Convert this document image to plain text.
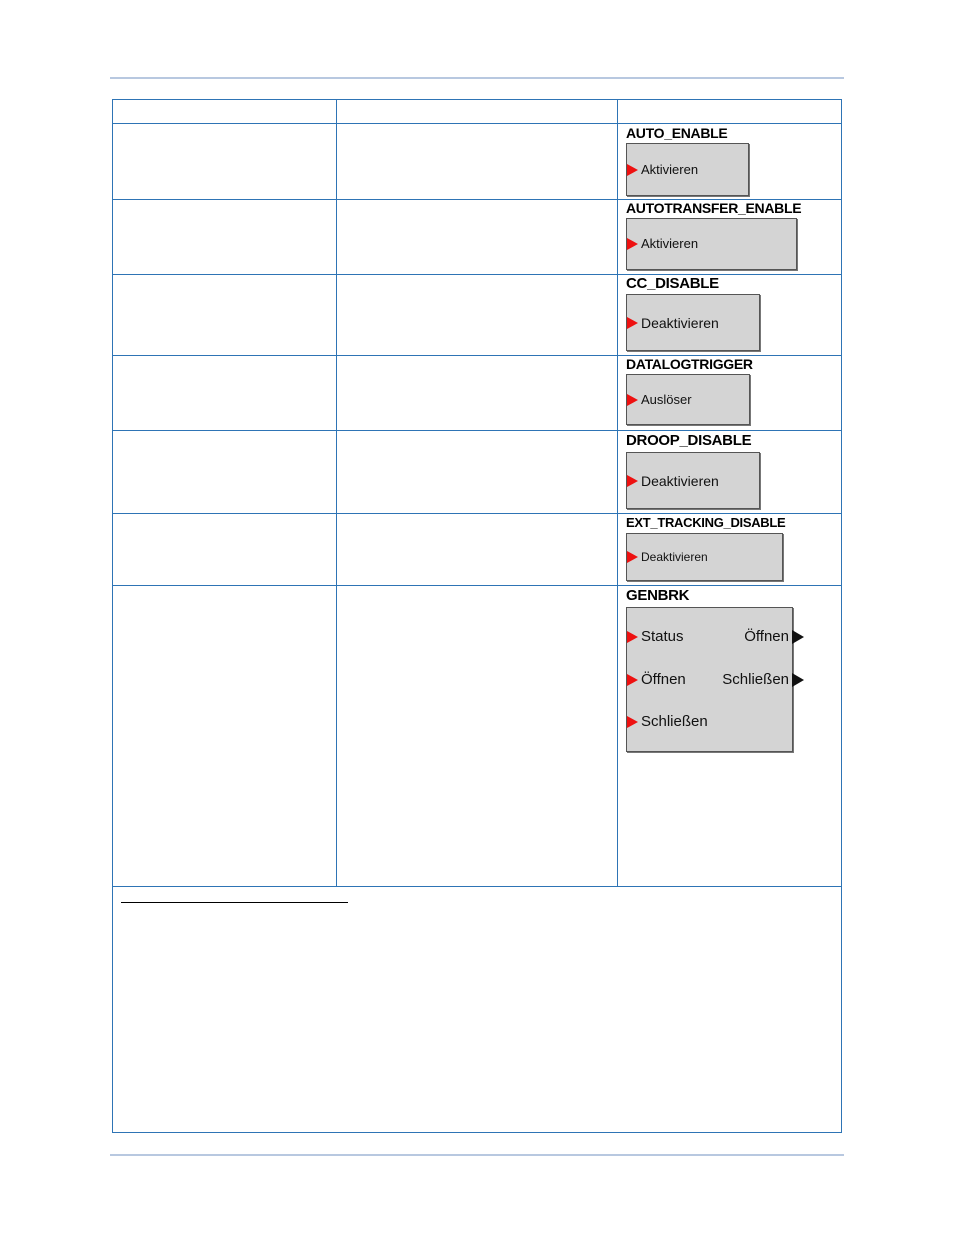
AUTO_ENABLE
Aktivieren
AUTOTRANSFER_ENABLE
Aktivieren
CC_DISABLE
Deaktivieren
DATALOGTRIGGER
Auslöser
DROOP_DISABLE
Deaktivieren
EXT_TRACKING_DISABLE
Deaktivieren
GENBRK
Status
Öffnen
Schließen
Öffnen
Schließen
